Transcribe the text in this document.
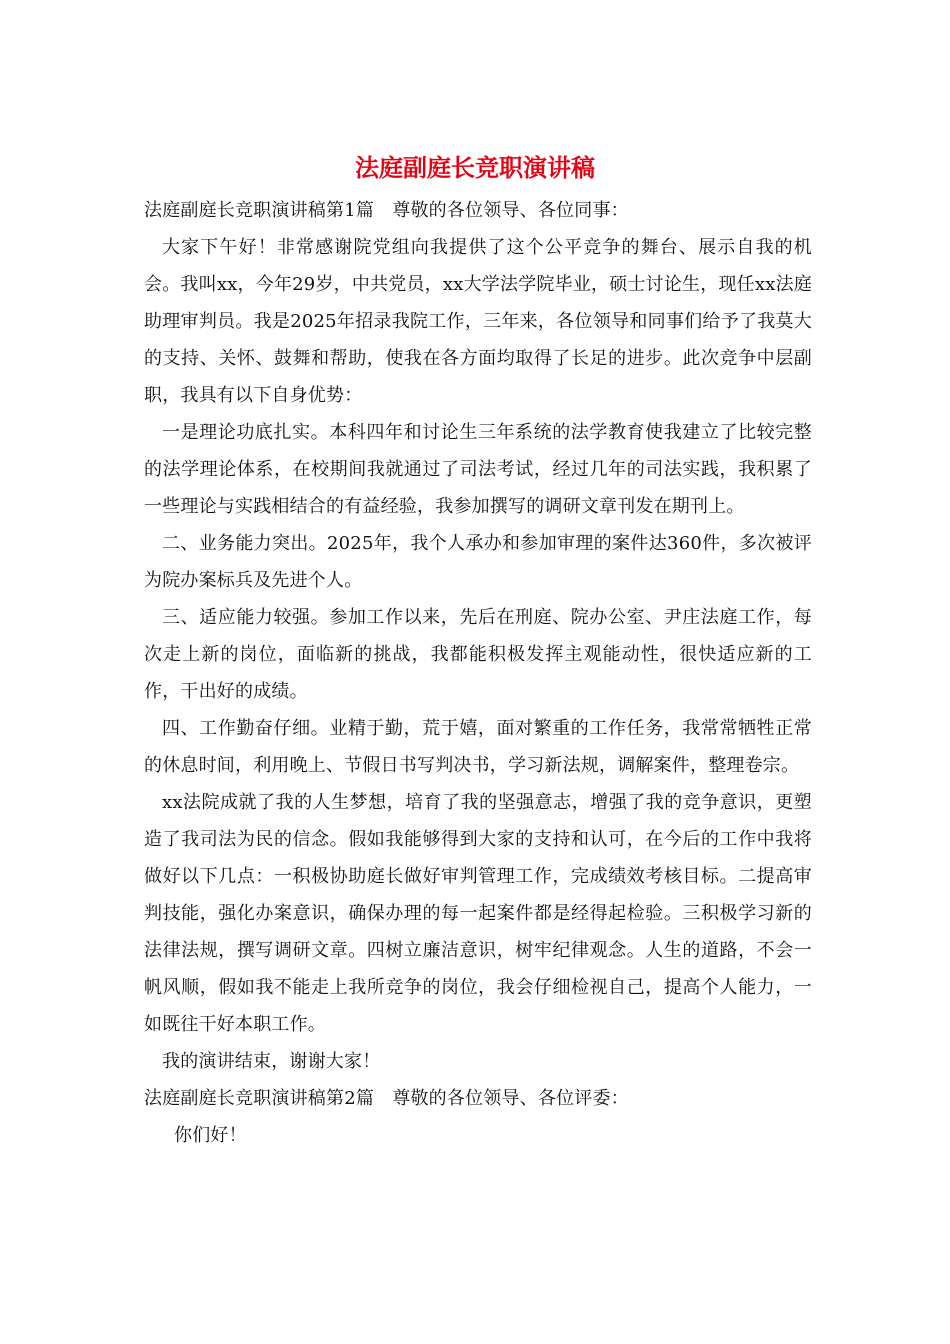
法庭副庭长竞职演讲稿

法庭副庭长竞职演讲稿第1篇　尊敬的各位领导、各位同事：

大家下午好！非常感谢院党组向我提供了这个公平竞争的舞台、展示自我的机会。我叫xx，今年29岁，中共党员，xx大学法学院毕业，硕士讨论生，现任xx法庭助理审判员。我是2025年招录我院工作，三年来，各位领导和同事们给予了我莫大的支持、关怀、鼓舞和帮助，使我在各方面均取得了长足的进步。此次竞争中层副职，我具有以下自身优势：

一是理论功底扎实。本科四年和讨论生三年系统的法学教育使我建立了比较完整的法学理论体系，在校期间我就通过了司法考试，经过几年的司法实践，我积累了一些理论与实践相结合的有益经验，我参加撰写的调研文章刊发在期刊上。

二、业务能力突出。2025年，我个人承办和参加审理的案件达360件，多次被评为院办案标兵及先进个人。

三、适应能力较强。参加工作以来，先后在刑庭、院办公室、尹庄法庭工作，每次走上新的岗位，面临新的挑战，我都能积极发挥主观能动性，很快适应新的工作，干出好的成绩。

四、工作勤奋仔细。业精于勤，荒于嬉，面对繁重的工作任务，我常常牺牲正常的休息时间，利用晚上、节假日书写判决书，学习新法规，调解案件，整理卷宗。

xx法院成就了我的人生梦想，培育了我的坚强意志，增强了我的竞争意识，更塑造了我司法为民的信念。假如我能够得到大家的支持和认可，在今后的工作中我将做好以下几点：一积极协助庭长做好审判管理工作，完成绩效考核目标。二提高审判技能，强化办案意识，确保办理的每一起案件都是经得起检验。三积极学习新的法律法规，撰写调研文章。四树立廉洁意识，树牢纪律观念。人生的道路，不会一帆风顺，假如我不能走上我所竞争的岗位，我会仔细检视自己，提高个人能力，一如既往干好本职工作。

我的演讲结束，谢谢大家！

法庭副庭长竞职演讲稿第2篇　尊敬的各位领导、各位评委：

你们好！
